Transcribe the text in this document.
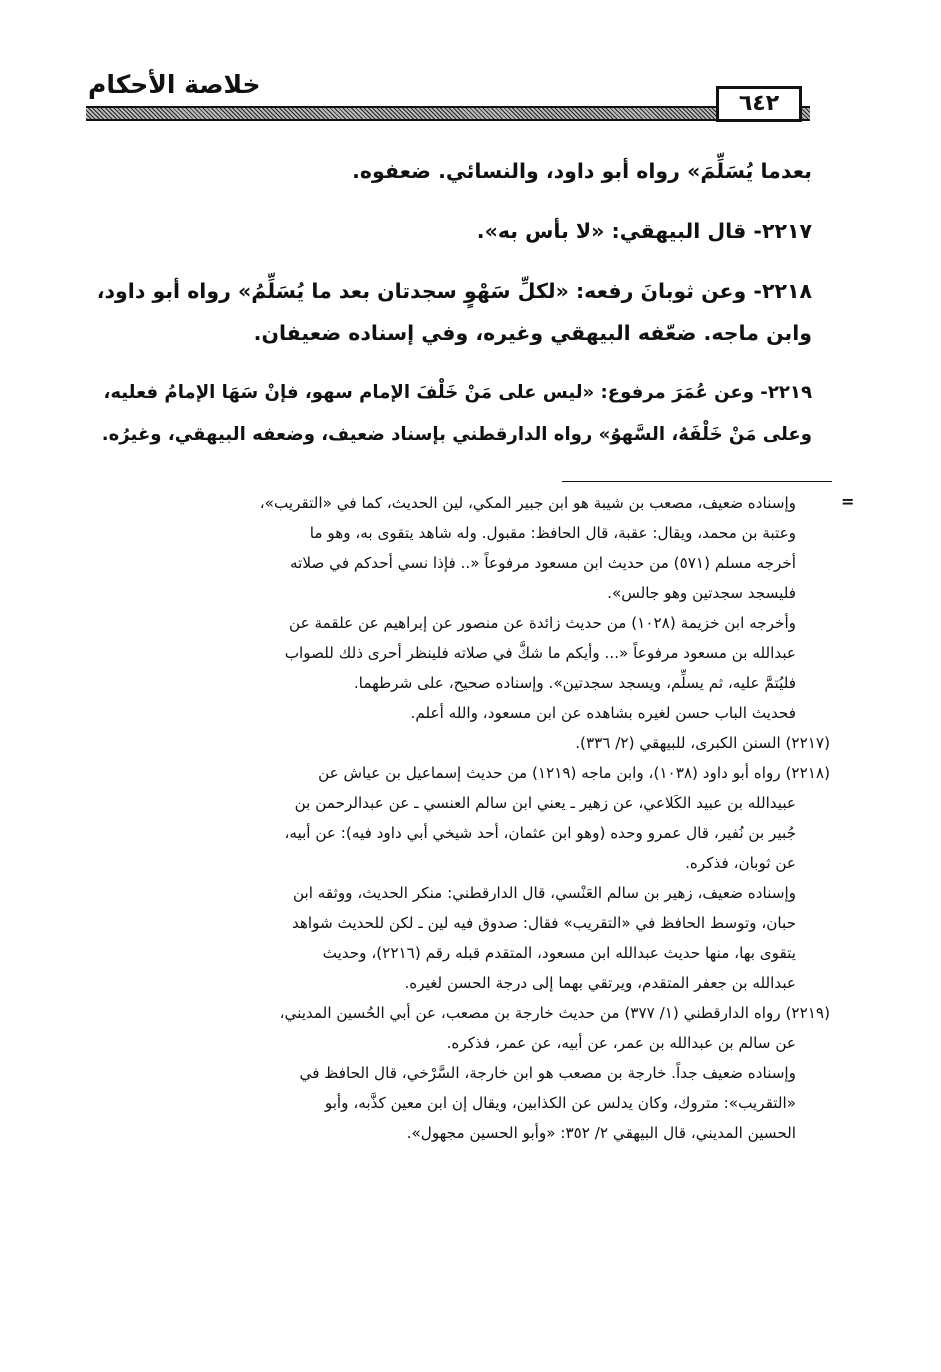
خلاصة الأحكام
٦٤٢
بعدما يُسَلِّمَ» رواه أبو داود، والنسائي. ضعفوه.
٢٢١٧- قال البيهقي: «لا بأس به».
٢٢١٨- وعن ثوبانَ رفعه: «لكلِّ سَهْوٍ سجدتان بعد ما يُسَلِّمُ» رواه أبو داود،
وابن ماجه. ضعّفه البيهقي وغيره، وفي إسناده ضعيفان.
٢٢١٩- وعن عُمَرَ مرفوع: «ليس على مَنْ خَلْفَ الإمام سهو، فإنْ سَهَا الإمامُ فعليه،
وعلى مَنْ خَلْفَهُ، السَّهوُ» رواه الدارقطني بإسناد ضعيف، وضعفه البيهقي، وغيرُه.
=
وإسناده ضعيف، مصعب بن شيبة هو ابن جبير المكي، لين الحديث، كما في «التقريب»،
وعتبة بن محمد، ويقال: عقبة، قال الحافظ: مقبول. وله شاهد يتقوى به، وهو ما
أخرجه مسلم (٥٧١) من حديث ابن مسعود مرفوعاً «.. فإذا نسي أحدكم في صلاته
فليسجد سجدتين وهو جالس».
وأخرجه ابن خزيمة (١٠٢٨) من حديث زائدة عن منصور عن إبراهيم عن علقمة عن
عبدالله بن مسعود مرفوعاً «... وأيكم ما شكَّ في صلاته فلينظر أحرى ذلك للصواب
فليُتمَّ عليه، ثم يسلِّم، ويسجد سجدتين». وإسناده صحيح، على شرطهما.
فحديث الباب حسن لغيره بشاهده عن ابن مسعود، والله أعلم.
(٢٢١٧) السنن الكبرى، للبيهقي (٢/ ٣٣٦).
(٢٢١٨) رواه أبو داود (١٠٣٨)، وابن ماجه (١٢١٩) من حديث إسماعيل بن عياش عن
عبيدالله بن عبيد الكَلاعي، عن زهير ـ يعني ابن سالم العنسي ـ عن عبدالرحمن بن
جُبير بن نُفير، قال عمرو وحده (وهو ابن عثمان، أحد شيخي أبي داود فيه): عن أبيه،
عن ثوبان، فذكره.
وإسناده ضعيف، زهير بن سالم العَنْسي، قال الدارقطني: منكر الحديث، ووثقه ابن
حبان، وتوسط الحافظ في «التقريب» فقال: صدوق فيه لين ـ لكن للحديث شواهد
يتقوى بها، منها حديث عبدالله ابن مسعود، المتقدم قبله رقم (٢٢١٦)، وحديث
عبدالله بن جعفر المتقدم، ويرتقي بهما إلى درجة الحسن لغيره.
(٢٢١٩) رواه الدارقطني (١/ ٣٧٧) من حديث خارجة بن مصعب، عن أبي الحُسين المديني،
عن سالم بن عبدالله بن عمر، عن أبيه، عن عمر، فذكره.
وإسناده ضعيف جداً. خارجة بن مصعب هو ابن خارجة، السَّرْخي، قال الحافظ في
«التقريب»: متروك، وكان يدلس عن الكذابين، ويقال إن ابن معين كذَّبه، وأبو
الحسين المديني، قال البيهقي ٢/ ٣٥٢: «وأبو الحسين مجهول».
